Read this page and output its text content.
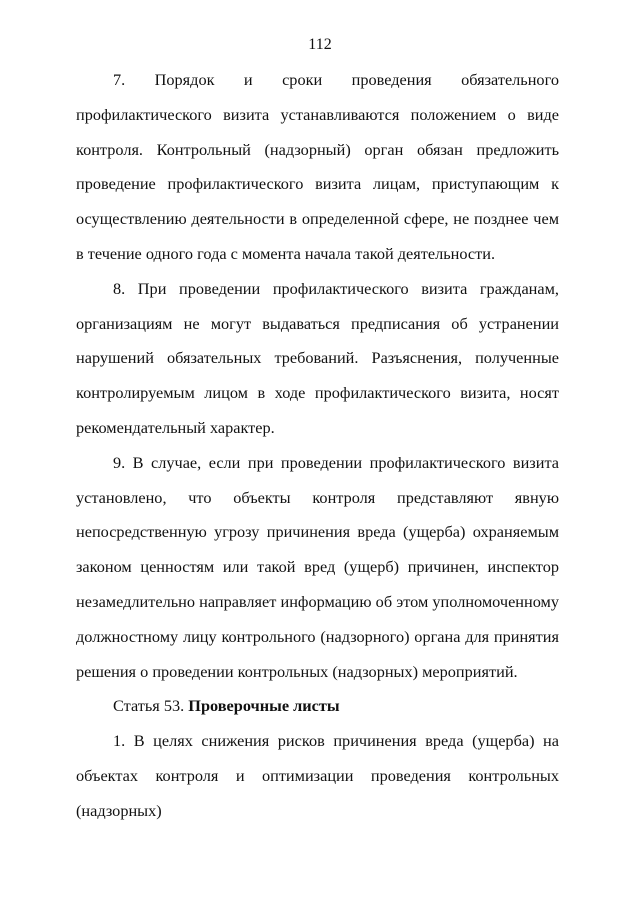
112

7. Порядок и сроки проведения обязательного профилактического визита устанавливаются положением о виде контроля. Контрольный (надзорный) орган обязан предложить проведение профилактического визита лицам, приступающим к осуществлению деятельности в определенной сфере, не позднее чем в течение одного года с момента начала такой деятельности.

8. При проведении профилактического визита гражданам, организациям не могут выдаваться предписания об устранении нарушений обязательных требований. Разъяснения, полученные контролируемым лицом в ходе профилактического визита, носят рекомендательный характер.

9. В случае, если при проведении профилактического визита установлено, что объекты контроля представляют явную непосредственную угрозу причинения вреда (ущерба) охраняемым законом ценностям или такой вред (ущерб) причинен, инспектор незамедлительно направляет информацию об этом уполномоченному должностному лицу контрольного (надзорного) органа для принятия решения о проведении контрольных (надзорных) мероприятий.

Статья 53. Проверочные листы

1. В целях снижения рисков причинения вреда (ущерба) на объектах контроля и оптимизации проведения контрольных (надзорных)
